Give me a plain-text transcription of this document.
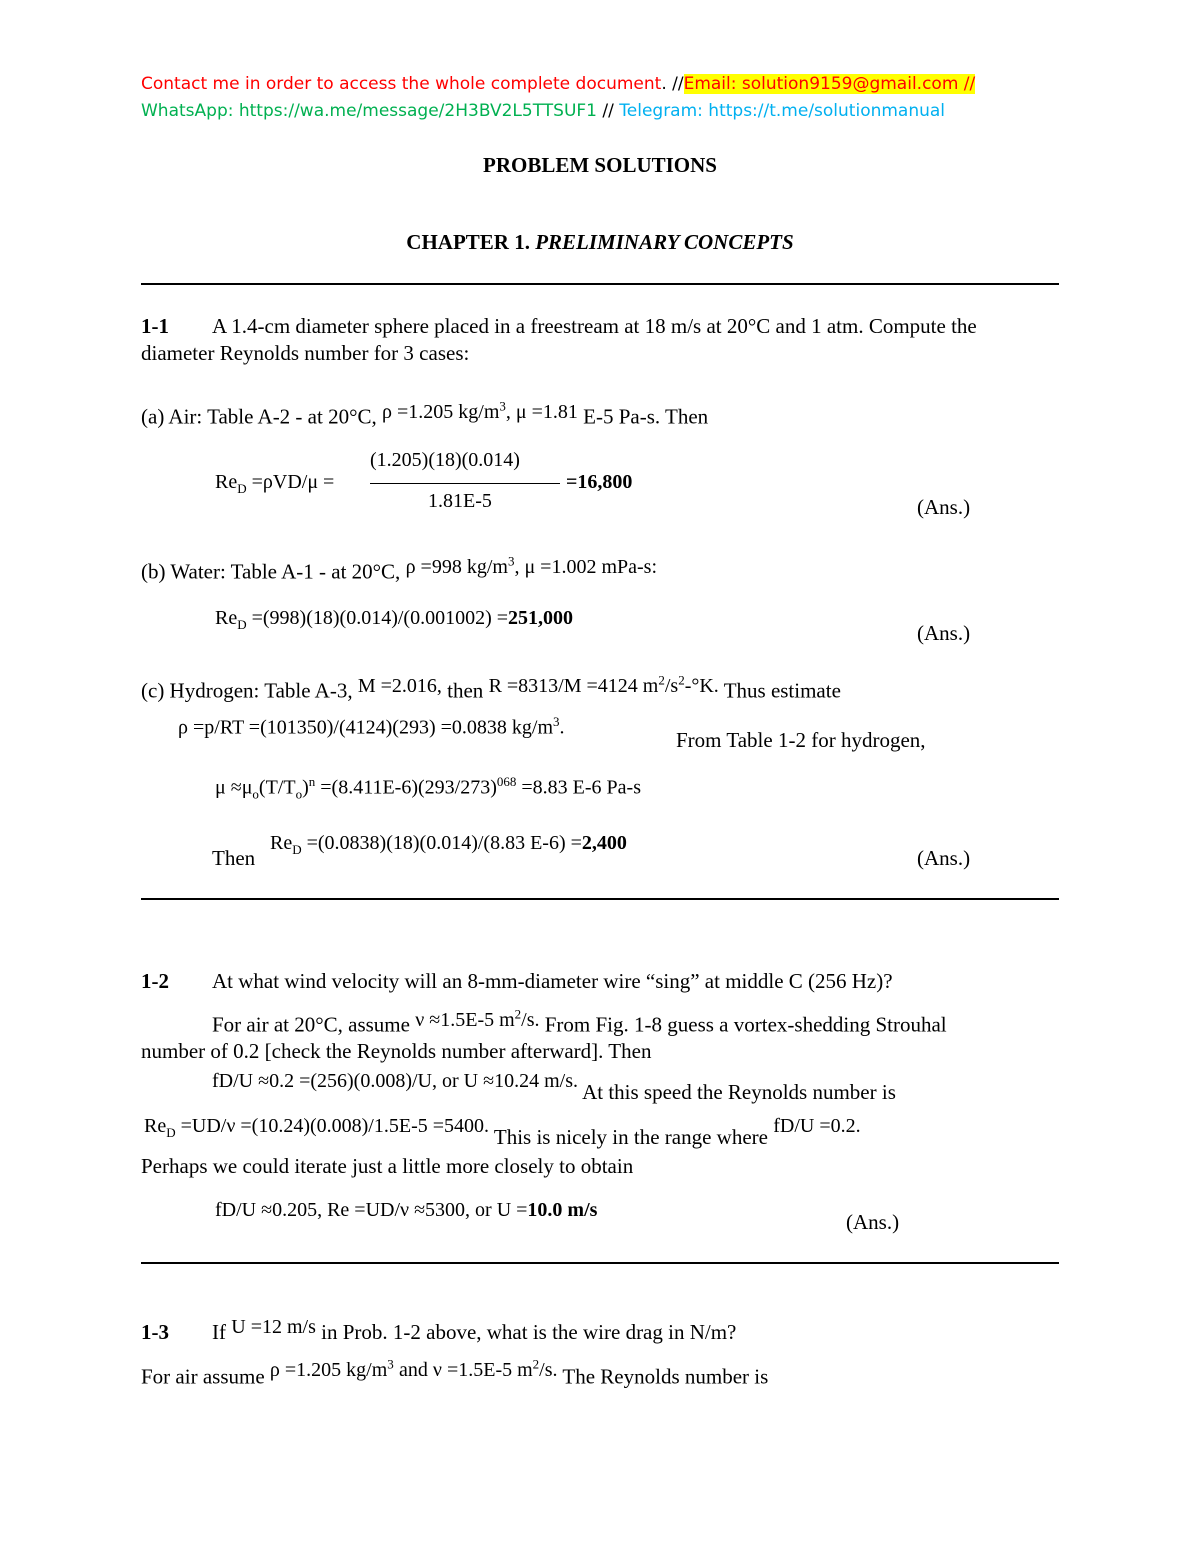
Contact me in order to access the whole complete document. //Email: solution9159@gmail.com //
WhatsApp: https://wa.me/message/2H3BV2L5TTSUF1 // Telegram: https://t.me/solutionmanual
PROBLEM SOLUTIONS
CHAPTER 1. PRELIMINARY CONCEPTS
1-1 A 1.4-cm diameter sphere placed in a freestream at 18 m/s at 20°C and 1 atm. Compute the
diameter Reynolds number for 3 cases:
(a) Air: Table A-2 - at 20°C, ρ =1.205 $kg/m^3$, μ =1.81 E-5 Pa-s. Then
$Re_D =\rho VD/\mu$ =
(1.205)(18)(0.014)
1.81E-5
=16,800
(Ans.)
(b) Water: Table A-1 - at 20°C, ρ =998 $kg/m^3$, μ =1.002 mPa-s:
$Re_D =(998)(18)(0.014)/(0.001002) =251,000$
(Ans.)
(c) Hydrogen: Table A-3, M =2.016, then R =8313/M =4124 $m^2/s^2-^\circ K$. Thus estimate
ρ =p/RT =(101350)/(4124)(293) =0.0838 $kg/m^3$.
From Table 1-2 for hydrogen,
$\mu \approx\mu_o(T/T_o)^n =(8.411E-6)(293/273)^{068} =8.83$ E-6 Pa-s
Then
$Re_D =(0.0838)(18)(0.014)/(8.83$ E-6) =2,400
(Ans.)
1-2 At what wind velocity will an 8-mm-diameter wire “sing” at middle C (256 Hz)?
For air at 20°C, assume ν ≈1.5E-5 $m^2/s$. From Fig. 1-8 guess a vortex-shedding Strouhal
number of 0.2 [check the Reynolds number afterward]. Then
fD/U ≈0.2 =(256)(0.008)/U, or U ≈10.24 m/s. At this speed the Reynolds number is
$Re_D =UD/\nu =(10.24)(0.008)/1.5E-5 =5400$. This is nicely in the range where fD/U =0.2.
Perhaps we could iterate just a little more closely to obtain
fD/U ≈0.205, Re =UD/ν ≈5300, or U =10.0 m/s	(Ans.)
1-3 If U =12 m/s in Prob. 1-2 above, what is the wire drag in N/m?
For air assume ρ =1.205 $kg/m^3$ and ν =1.5E-5 $m^2/s$. The Reynolds number is
